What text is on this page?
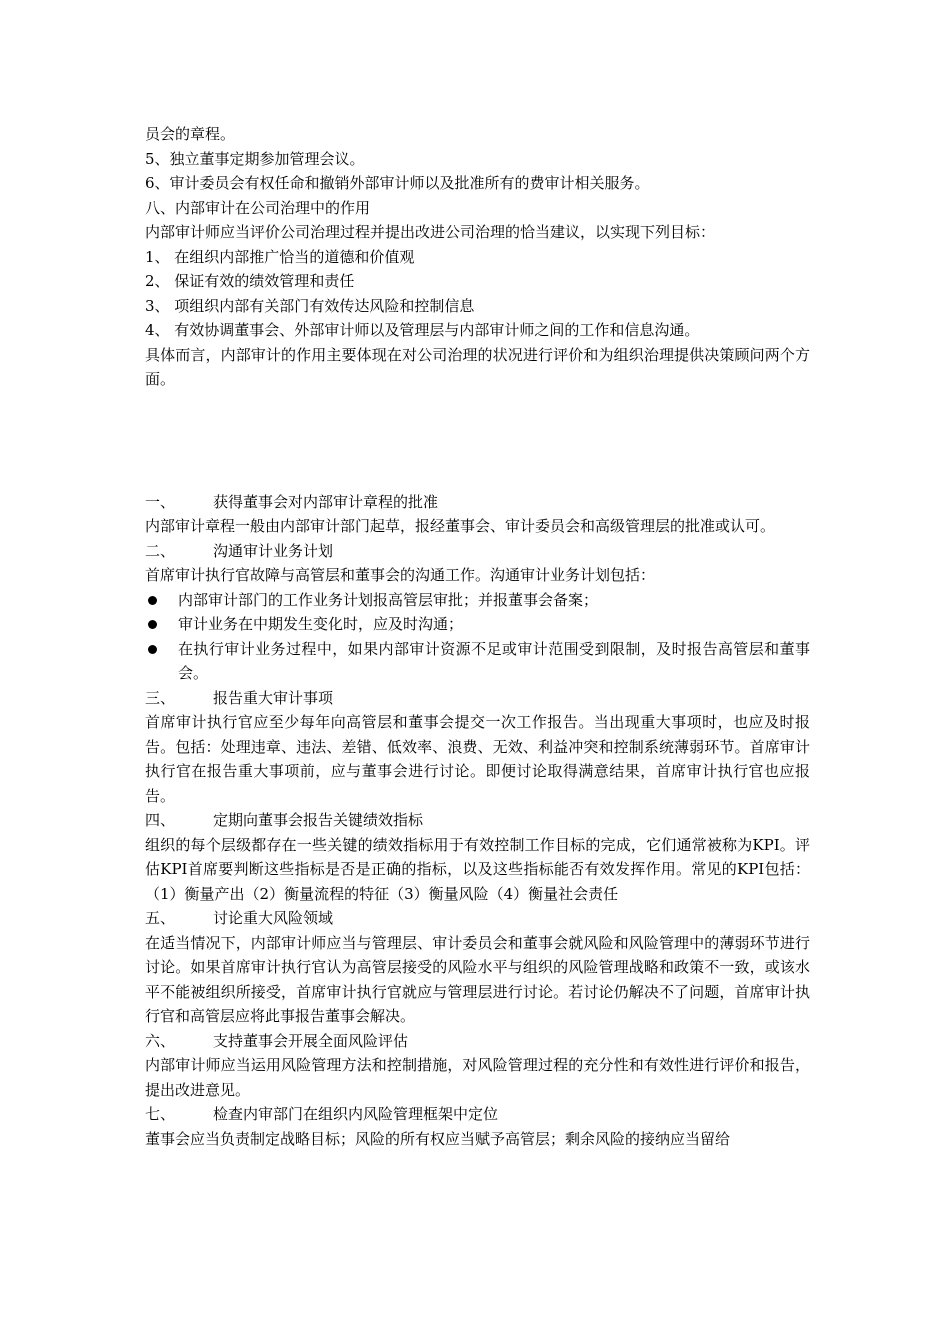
员会的章程。

5、独立董事定期参加管理会议。

6、审计委员会有权任命和撤销外部审计师以及批准所有的费审计相关服务。

八、内部审计在公司治理中的作用

内部审计师应当评价公司治理过程并提出改进公司治理的恰当建议，以实现下列目标：

1、 在组织内部推广恰当的道德和价值观

2、 保证有效的绩效管理和责任

3、 项组织内部有关部门有效传达风险和控制信息

4、 有效协调董事会、外部审计师以及管理层与内部审计师之间的工作和信息沟通。

具体而言，内部审计的作用主要体现在对公司治理的状况进行评价和为组织治理提供决策顾问两个方面。

一、	获得董事会对内部审计章程的批准

内部审计章程一般由内部审计部门起草，报经董事会、审计委员会和高级管理层的批准或认可。

二、	沟通审计业务计划

首席审计执行官故障与高管层和董事会的沟通工作。沟通审计业务计划包括：

内部审计部门的工作业务计划报高管层审批；并报董事会备案；
审计业务在中期发生变化时，应及时沟通；
在执行审计业务过程中，如果内部审计资源不足或审计范围受到限制，及时报告高管层和董事会。
三、	报告重大审计事项

首席审计执行官应至少每年向高管层和董事会提交一次工作报告。当出现重大事项时，也应及时报告。包括：处理违章、违法、差错、低效率、浪费、无效、利益冲突和控制系统薄弱环节。首席审计执行官在报告重大事项前，应与董事会进行讨论。即便讨论取得满意结果，首席审计执行官也应报告。

四、	定期向董事会报告关键绩效指标

组织的每个层级都存在一些关键的绩效指标用于有效控制工作目标的完成，它们通常被称为KPI。评估KPI首席要判断这些指标是否是正确的指标，以及这些指标能否有效发挥作用。常见的KPI包括：（1）衡量产出（2）衡量流程的特征（3）衡量风险（4）衡量社会责任

五、	讨论重大风险领域

在适当情况下，内部审计师应当与管理层、审计委员会和董事会就风险和风险管理中的薄弱环节进行讨论。如果首席审计执行官认为高管层接受的风险水平与组织的风险管理战略和政策不一致，或该水平不能被组织所接受，首席审计执行官就应与管理层进行讨论。若讨论仍解决不了问题，首席审计执行官和高管层应将此事报告董事会解决。

六、	支持董事会开展全面风险评估

内部审计师应当运用风险管理方法和控制措施，对风险管理过程的充分性和有效性进行评价和报告，提出改进意见。

七、	检查内审部门在组织内风险管理框架中定位

董事会应当负责制定战略目标；风险的所有权应当赋予高管层；剩余风险的接纳应当留给
